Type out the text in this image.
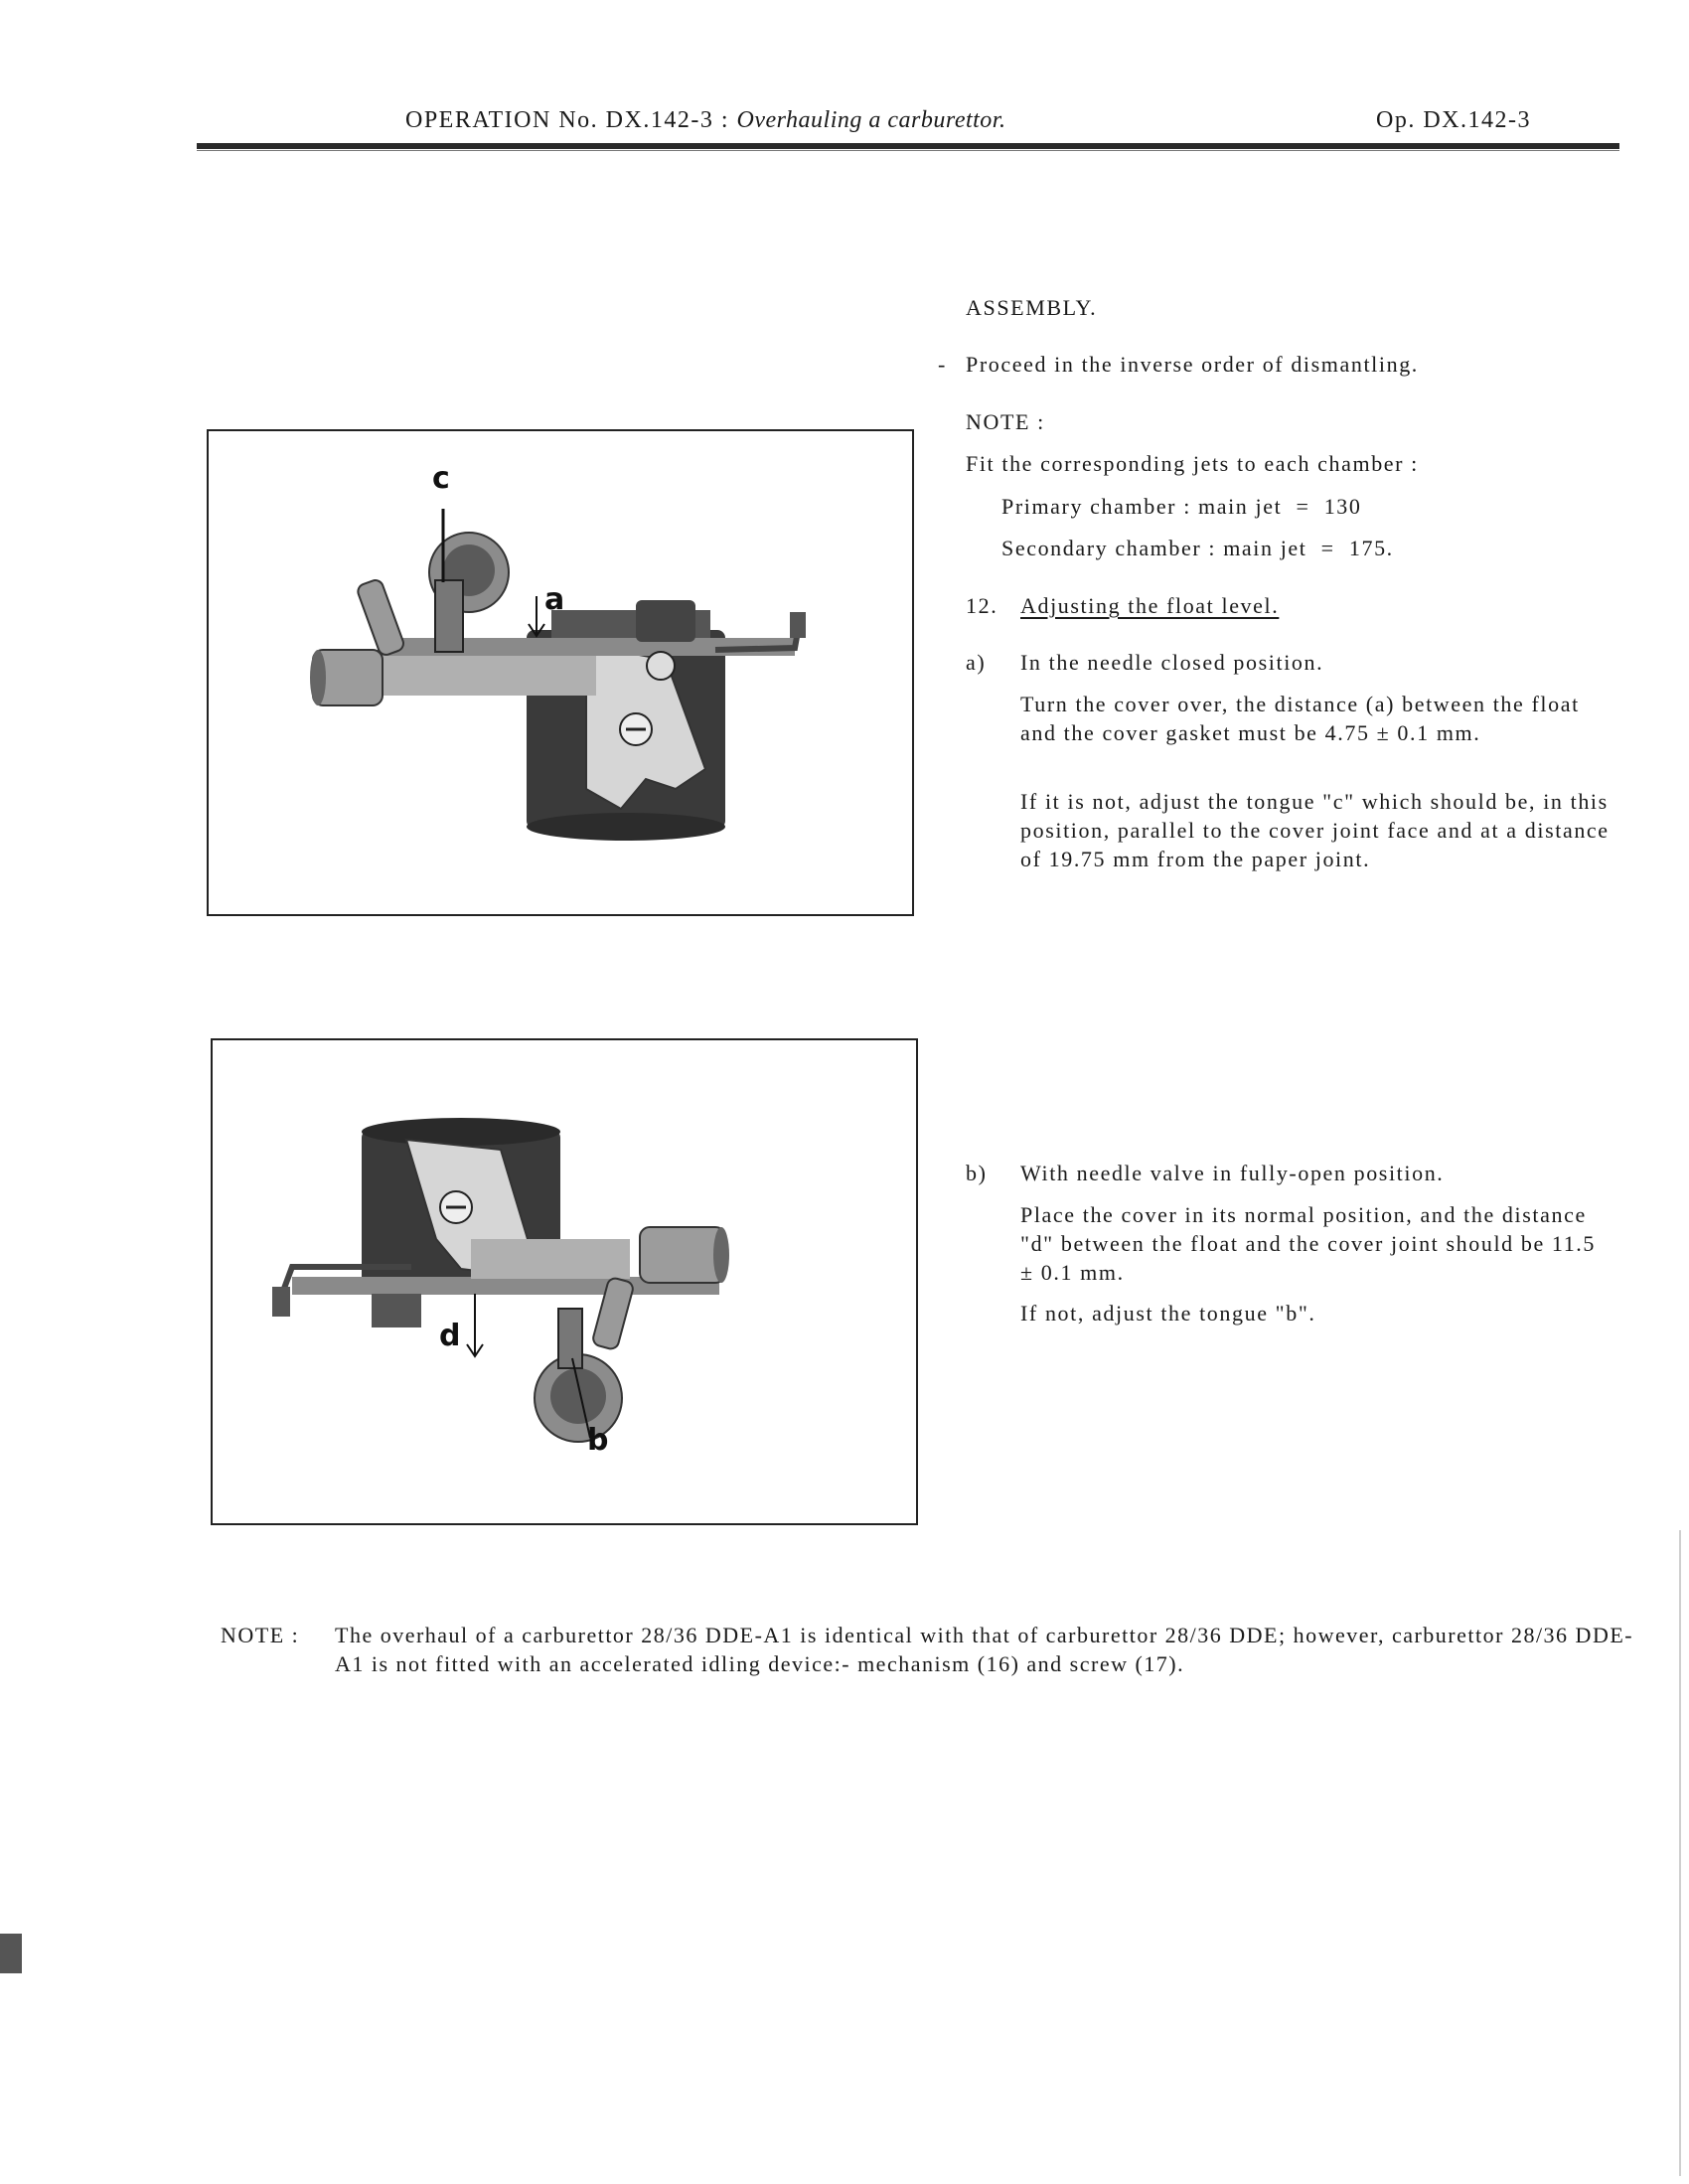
OPERATION No. DX.142-3 : Overhauling a carburettor.	Op. DX.142-3
ASSEMBLY.
- Proceed in the inverse order of dismantling.
NOTE :
Fit the corresponding jets to each chamber :
Primary chamber : main jet  =  130
Secondary chamber : main jet  =  175.
12. Adjusting the float level.
a) In the needle closed position.
Turn the cover over, the distance (a) between the float and the cover gasket must be 4.75 ± 0.1 mm.
If it is not, adjust the tongue "c" which should be, in this position, parallel to the cover joint face and at a distance of 19.75 mm from the paper joint.
b) With needle valve in fully-open position.
Place the cover in its normal position, and the distance "d" between the float and the cover joint should be 11.5 ± 0.1 mm.
If not, adjust the tongue "b".
c
a
d
b
NOTE : The overhaul of a carburettor 28/36 DDE-A1 is identical with that of carburettor 28/36 DDE; however, carburettor 28/36 DDE-A1 is not fitted with an accelerated idling device:- mechanism (16) and screw (17).
